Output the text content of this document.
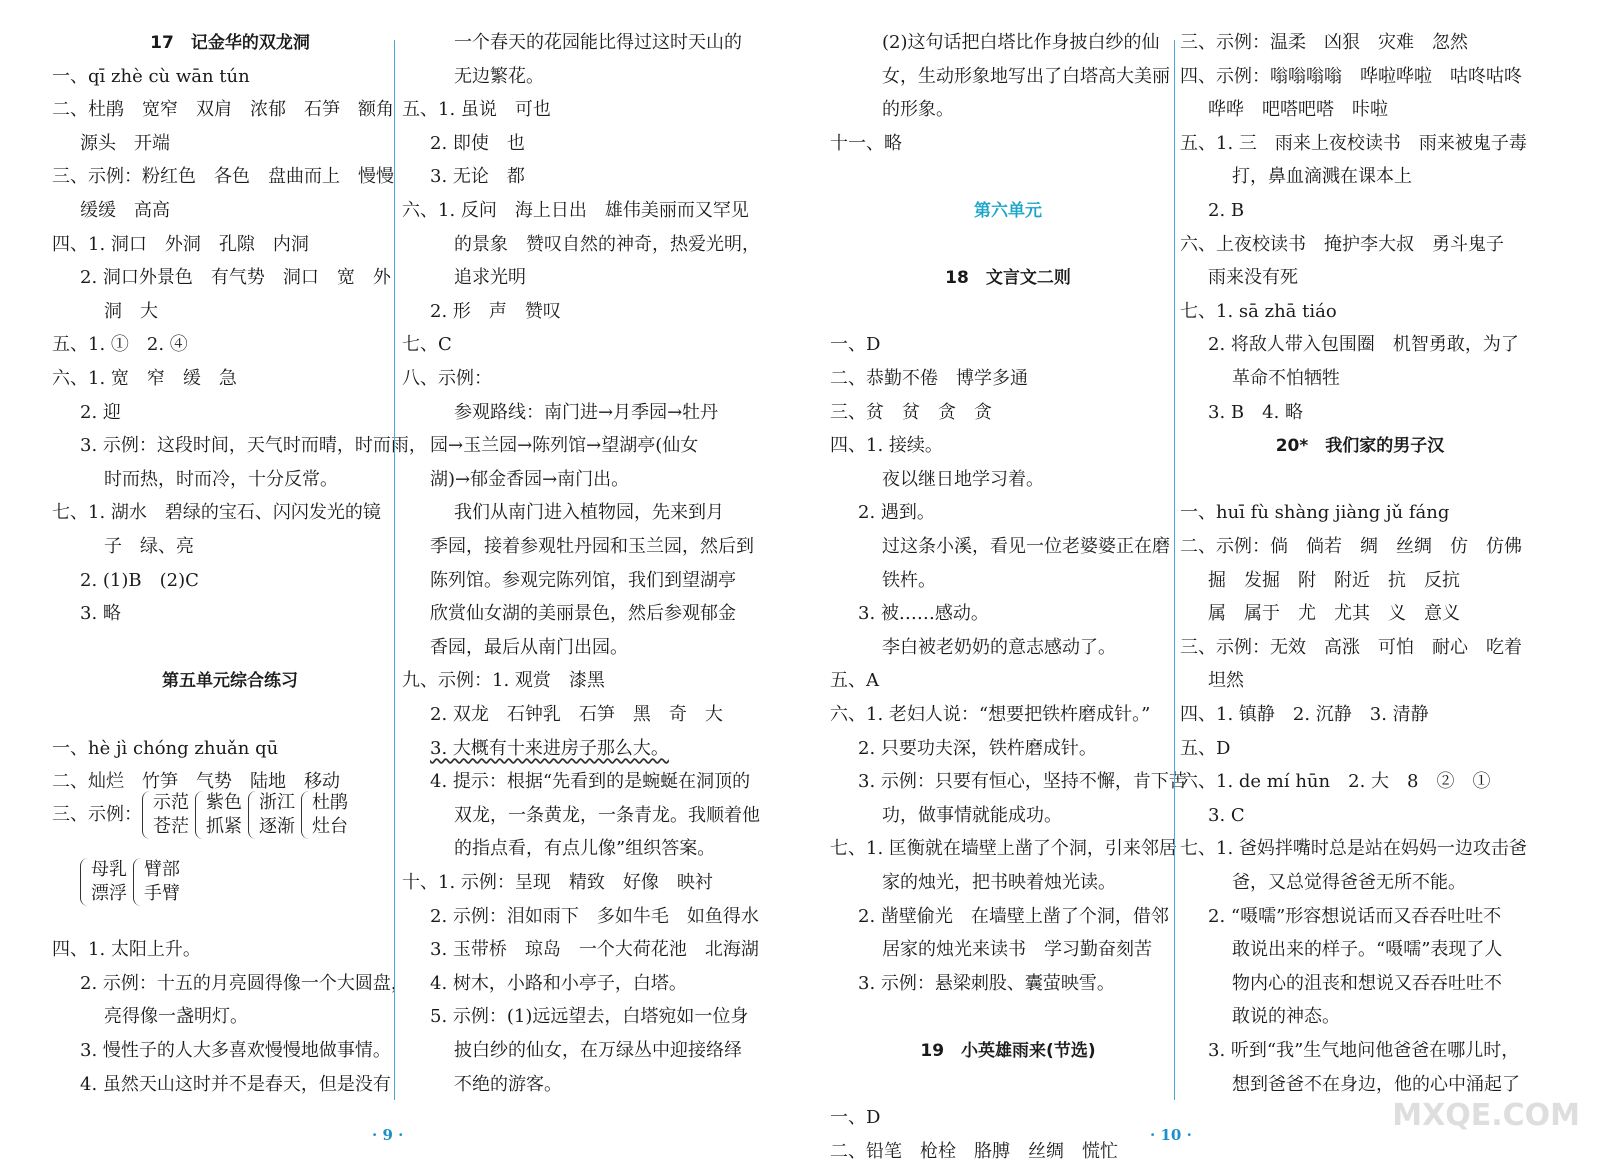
17　记金华的双龙洞
一、qī zhè cù wān tún
二、杜鹃　宽窄　双肩　浓郁　石笋　额角
源头　开端
三、示例：粉红色　各色　盘曲而上　慢慢
缓缓　高高
四、1. 洞口　外洞　孔隙　内洞
2. 洞口外景色　有气势　洞口　宽　外
洞　大
五、1. ①　2. ④
六、1. 宽　窄　缓　急
2. 迎
3. 示例：这段时间，天气时而晴，时而雨，
时而热，时而冷，十分反常。
七、1. 湖水　碧绿的宝石、闪闪发光的镜
子　绿、亮
2. (1)B　(2)C
3. 略
第五单元综合练习
一、hè jì chóng zhuǎn qū
二、灿烂　竹笋　气势　陆地　移动
三、示例：
示范
苍茫
紫色
抓紧
浙江
逐渐
杜鹃
灶台
母乳
漂浮
臂部
手臂
四、1. 太阳上升。
2. 示例：十五的月亮圆得像一个大圆盘，
亮得像一盏明灯。
3. 慢性子的人大多喜欢慢慢地做事情。
4. 虽然天山这时并不是春天，但是没有
一个春天的花园能比得过这时天山的
无边繁花。
五、1. 虽说　可也
2. 即使　也
3. 无论　都
六、1. 反问　海上日出　雄伟美丽而又罕见
的景象　赞叹自然的神奇，热爱光明，
追求光明
2. 形　声　赞叹
七、C
八、示例：
参观路线：南门进→月季园→牡丹
园→玉兰园→陈列馆→望湖亭(仙女
湖)→郁金香园→南门出。
我们从南门进入植物园，先来到月
季园，接着参观牡丹园和玉兰园，然后到
陈列馆。参观完陈列馆，我们到望湖亭
欣赏仙女湖的美丽景色，然后参观郁金
香园，最后从南门出园。
九、示例：1. 观赏　漆黑
2. 双龙　石钟乳　石笋　黑　奇　大
3. 大概有十来进房子那么大。
4. 提示：根据“先看到的是蜿蜒在洞顶的
双龙，一条黄龙，一条青龙。我顺着他
的指点看，有点儿像”组织答案。
十、1. 示例：呈现　精致　好像　映衬
2. 示例：泪如雨下　多如牛毛　如鱼得水
3. 玉带桥　琼岛　一个大荷花池　北海湖
4. 树木，小路和小亭子，白塔。
5. 示例：(1)远远望去，白塔宛如一位身
披白纱的仙女，在万绿丛中迎接络绎
不绝的游客。
(2)这句话把白塔比作身披白纱的仙
女，生动形象地写出了白塔高大美丽
的形象。
十一、略
第六单元
18　文言文二则
一、D
二、恭勤不倦　博学多通
三、贫　贫　贪　贪
四、1. 接续。
夜以继日地学习着。
2. 遇到。
过这条小溪，看见一位老婆婆正在磨
铁杵。
3. 被……感动。
李白被老奶奶的意志感动了。
五、A
六、1. 老妇人说：“想要把铁杵磨成针。”
2. 只要功夫深，铁杵磨成针。
3. 示例：只要有恒心，坚持不懈，肯下苦
功，做事情就能成功。
七、1. 匡衡就在墙壁上凿了个洞，引来邻居
家的烛光，把书映着烛光读。
2. 凿壁偷光　在墙壁上凿了个洞，借邻
居家的烛光来读书　学习勤奋刻苦
3. 示例：悬梁刺股、囊萤映雪。
19　小英雄雨来(节选)
一、D
二、铅笔　枪栓　胳膊　丝绸　慌忙
三、示例：温柔　凶狠　灾难　忽然
四、示例：嗡嗡嗡嗡　哗啦哗啦　咕咚咕咚
哗哗　吧嗒吧嗒　咔啦
五、1. 三　雨来上夜校读书　雨来被鬼子毒
打，鼻血滴溅在课本上
2. B
六、上夜校读书　掩护李大叔　勇斗鬼子
雨来没有死
七、1. sā zhā tiáo
2. 将敌人带入包围圈　机智勇敢，为了
革命不怕牺牲
3. B　4. 略
20*　我们家的男子汉
一、huī fù shàng jiàng jǔ fáng
二、示例：倘　倘若　绸　丝绸　仿　仿佛
掘　发掘　附　附近　抗　反抗
属　属于　尤　尤其　义　意义
三、示例：无效　高涨　可怕　耐心　吃着
坦然
四、1. 镇静　2. 沉静　3. 清静
五、D
六、1. de mí hūn　2. 大　8　②　①
3. C
七、1. 爸妈拌嘴时总是站在妈妈一边攻击爸
爸，又总觉得爸爸无所不能。
2. “嗫嚅”形容想说话而又吞吞吐吐不
敢说出来的样子。“嗫嚅”表现了人
物内心的沮丧和想说又吞吞吐吐不
敢说的神态。
3. 听到“我”生气地问他爸爸在哪儿时，
想到爸爸不在身边，他的心中涌起了
· 9 ·	· 10 ·
MXQE.COM
